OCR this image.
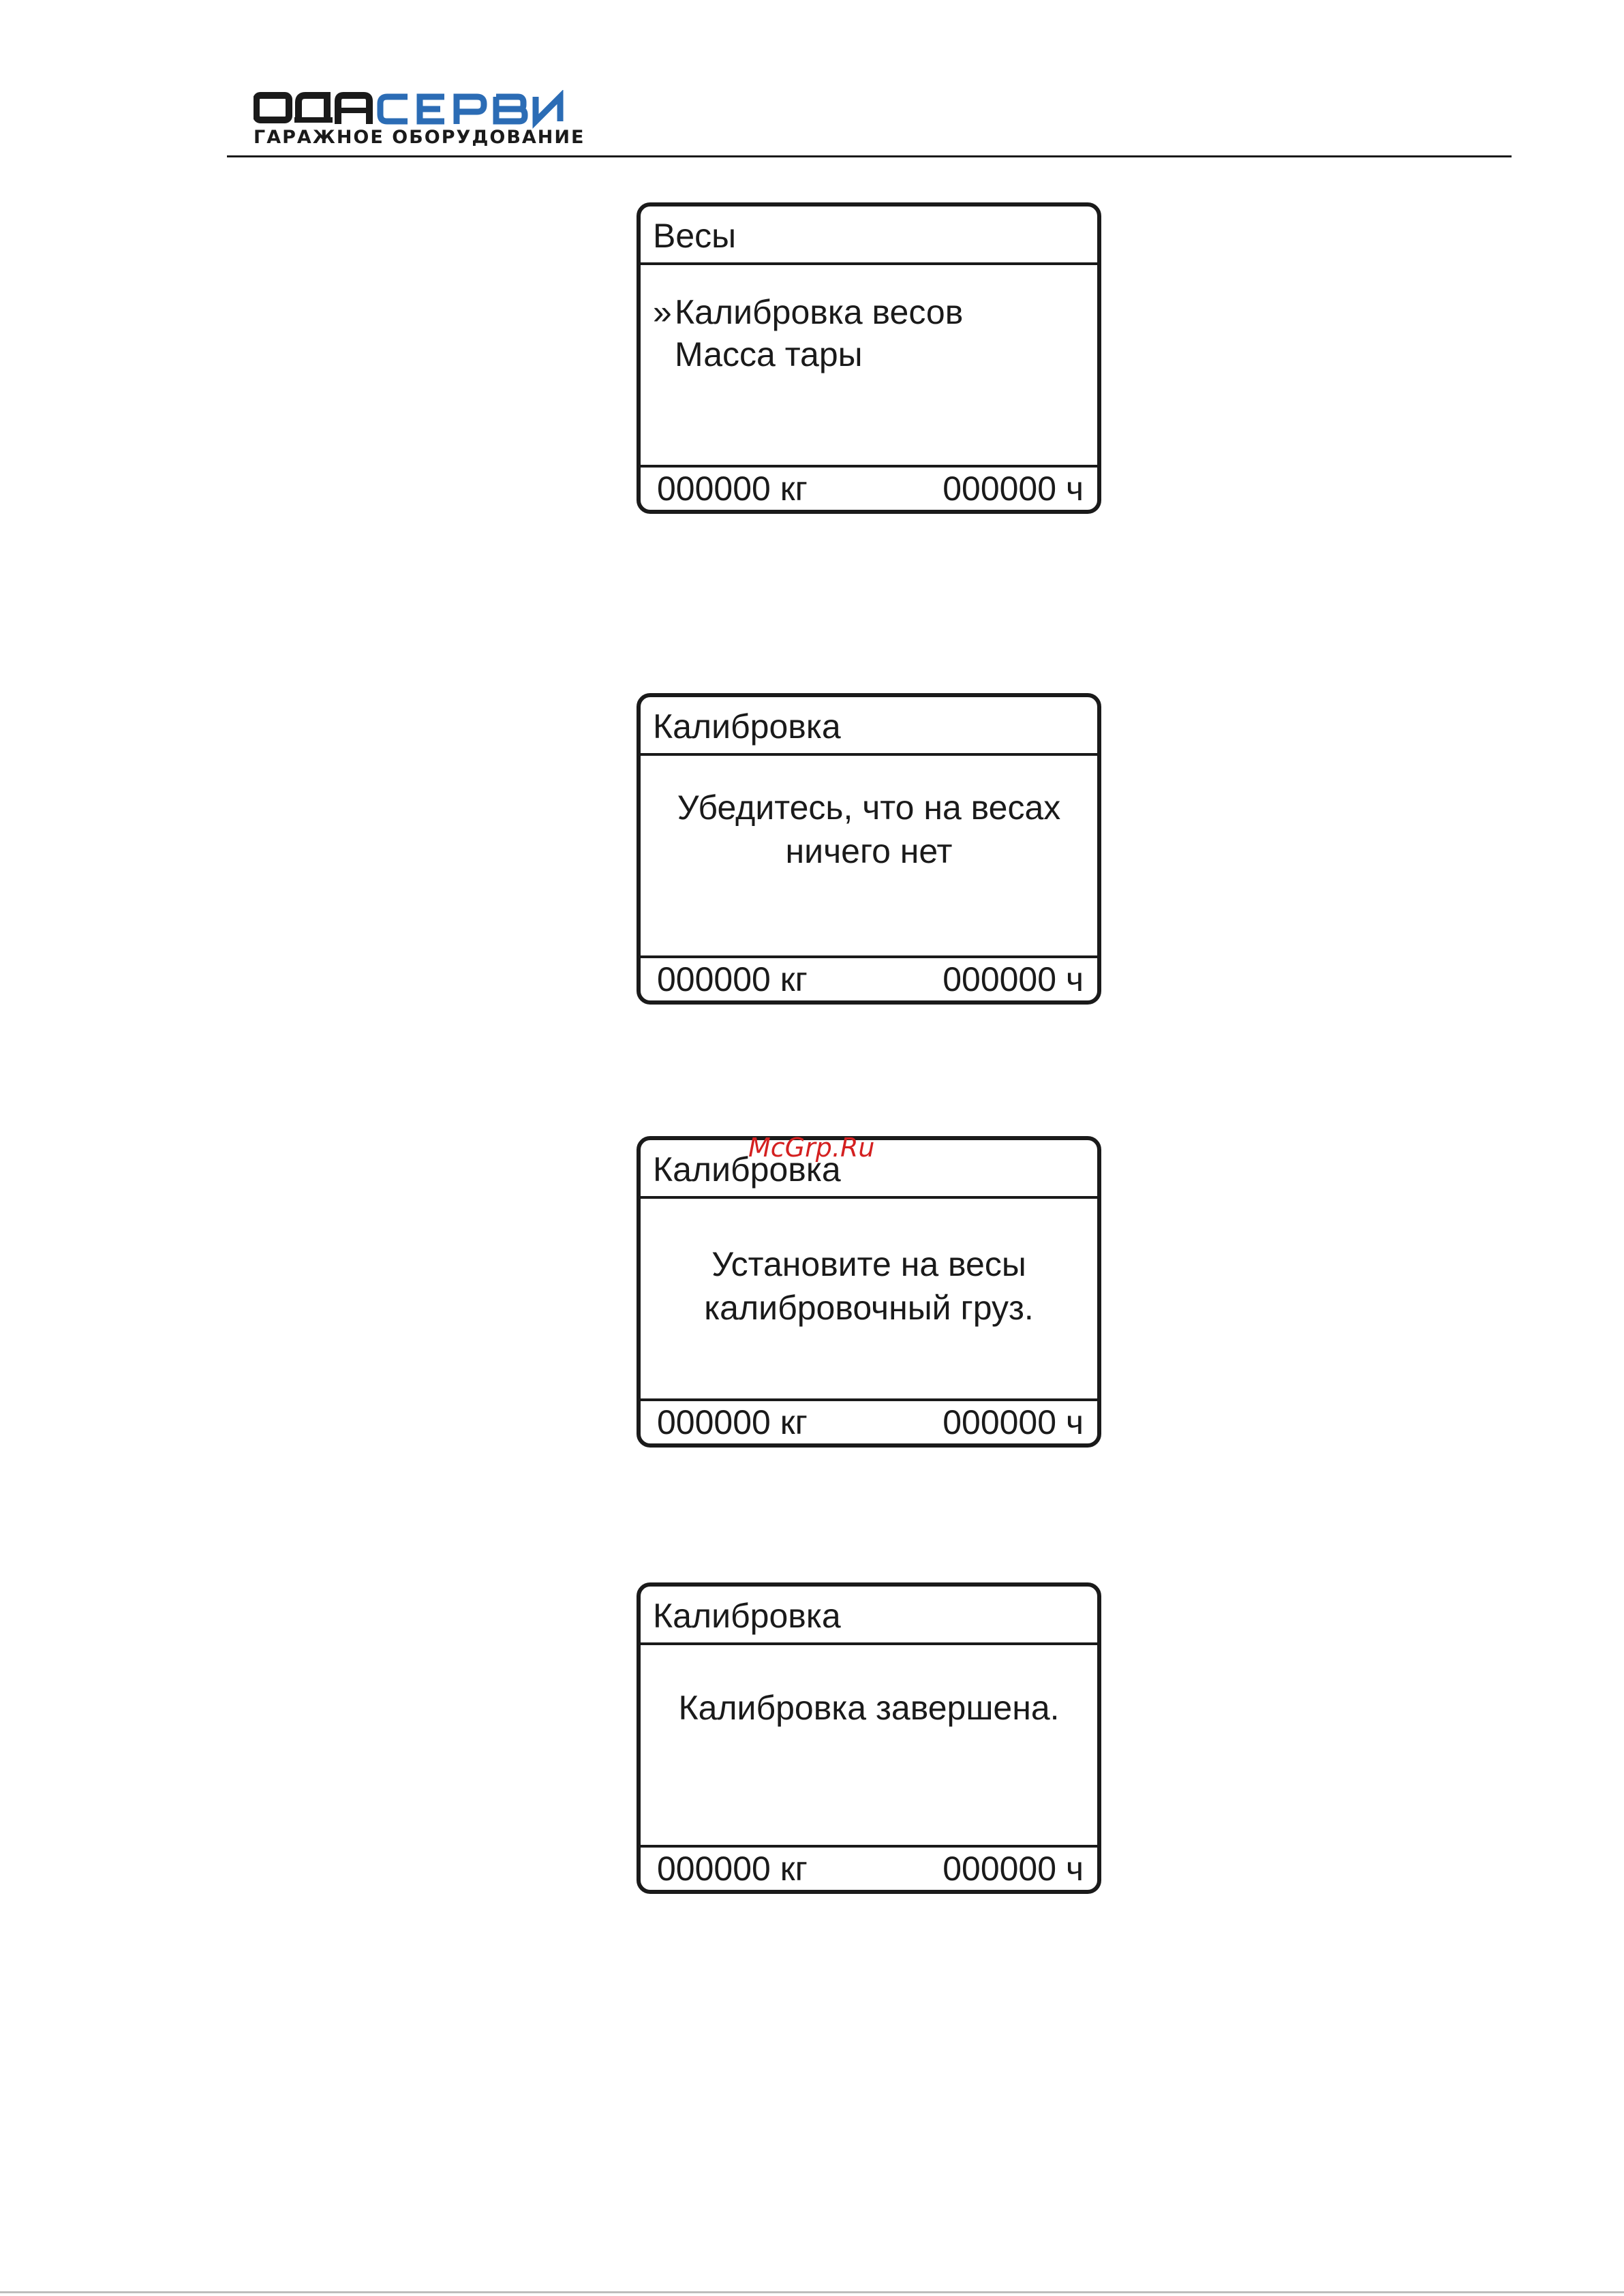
ГАРАЖНОЕ ОБОРУДОВАНИЕ
Весы
»Калибровка весов
Масса тары
000000 кг	000000 ч
Калибровка
Убедитесь, что на весах
ничего нет
000000 кг	000000 ч
Калибровка
Установите на весы
калибровочный груз.
000000 кг	000000 ч
Калибровка
Калибровка завершена.
000000 кг	000000 ч
McGrp.Ru
